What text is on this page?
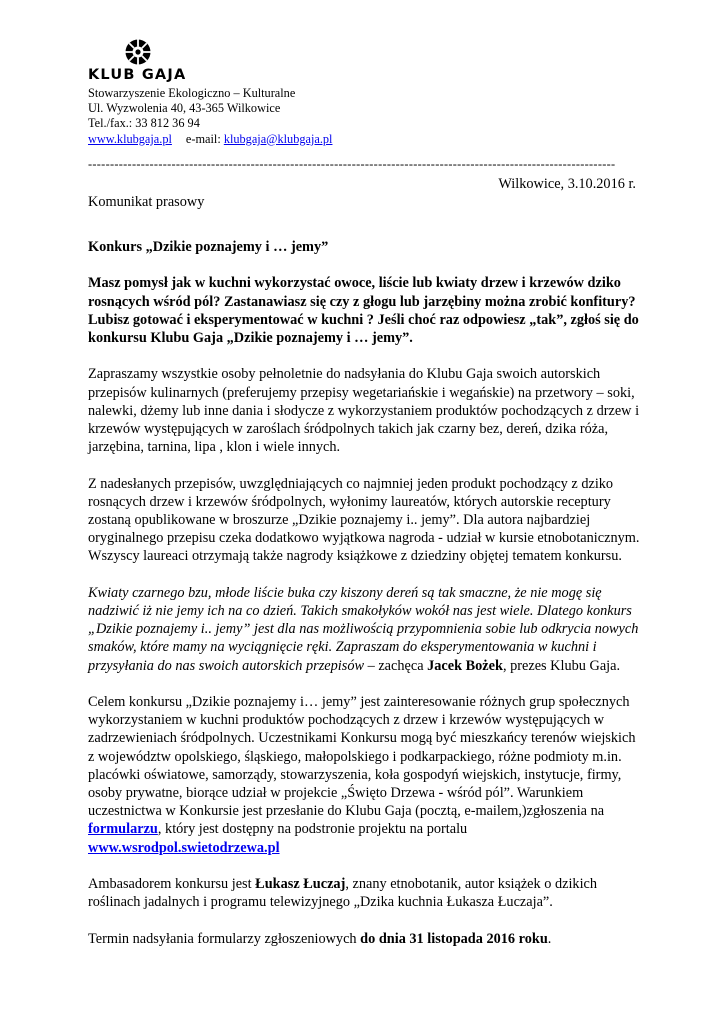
KLUB GAJA
Stowarzyszenie Ekologiczno – Kulturalne
Ul. Wyzwolenia 40, 43-365 Wilkowice
Tel./fax.: 33 812 36 94
www.klubgaja.pl e-mail: klubgaja@klubgaja.pl
------------------------------------------------------------------------------------------------------------------------
Wilkowice, 3.10.2016 r.
Komunikat prasowy

Konkurs „Dzikie poznajemy i … jemy”

Masz pomysł jak w kuchni wykorzystać owoce, liście lub kwiaty drzew i krzewów dziko rosnących wśród pól? Zastanawiasz się czy z głogu lub jarzębiny można zrobić konfitury? Lubisz gotować i eksperymentować w kuchni ? Jeśli choć raz odpowiesz „tak”, zgłoś się do konkursu Klubu Gaja „Dzikie poznajemy i … jemy”.

Zapraszamy wszystkie osoby pełnoletnie do nadsyłania do Klubu Gaja swoich autorskich przepisów kulinarnych (preferujemy przepisy wegetariańskie i wegańskie) na przetwory – soki, nalewki, dżemy lub inne dania i słodycze z wykorzystaniem produktów pochodzących z drzew i krzewów występujących w zaroślach śródpolnych takich jak czarny bez, dereń, dzika róża, jarzębina, tarnina, lipa , klon i wiele innych.

Z nadesłanych przepisów, uwzględniających co najmniej jeden produkt pochodzący z dziko rosnących drzew i krzewów śródpolnych, wyłonimy laureatów, których autorskie receptury zostaną opublikowane w broszurze „Dzikie poznajemy i.. jemy”. Dla autora najbardziej oryginalnego przepisu czeka dodatkowo wyjątkowa nagroda - udział w kursie etnobotanicznym. Wszyscy laureaci otrzymają także nagrody książkowe z dziedziny objętej tematem konkursu.

Kwiaty czarnego bzu, młode liście buka czy kiszony dereń są tak smaczne, że nie mogę się nadziwić iż nie jemy ich na co dzień. Takich smakołyków wokół nas jest wiele. Dlatego konkurs „Dzikie poznajemy i.. jemy” jest dla nas możliwością przypomnienia sobie lub odkrycia nowych smaków, które mamy na wyciągnięcie ręki. Zapraszam do eksperymentowania w kuchni i przysyłania do nas swoich autorskich przepisów – zachęca Jacek Bożek, prezes Klubu Gaja.

Celem konkursu „Dzikie poznajemy i… jemy” jest zainteresowanie różnych grup społecznych wykorzystaniem w kuchni produktów pochodzących z drzew i krzewów występujących w zadrzewieniach śródpolnych. Uczestnikami Konkursu mogą być mieszkańcy terenów wiejskich z województw opolskiego, śląskiego, małopolskiego i podkarpackiego, różne podmioty m.in. placówki oświatowe, samorządy, stowarzyszenia, koła gospodyń wiejskich, instytucje, firmy, osoby prywatne, biorące udział w projekcie „Święto Drzewa - wśród pól”. Warunkiem uczestnictwa w Konkursie jest przesłanie do Klubu Gaja (pocztą, e-mailem,)zgłoszenia na formularzu, który jest dostępny na podstronie projektu na portalu www.wsrodpol.swietodrzewa.pl

Ambasadorem konkursu jest Łukasz Łuczaj, znany etnobotanik, autor książek o dzikich roślinach jadalnych i programu telewizyjnego „Dzika kuchnia Łukasza Łuczaja”.

Termin nadsyłania formularzy zgłoszeniowych do dnia 31 listopada 2016 roku.
